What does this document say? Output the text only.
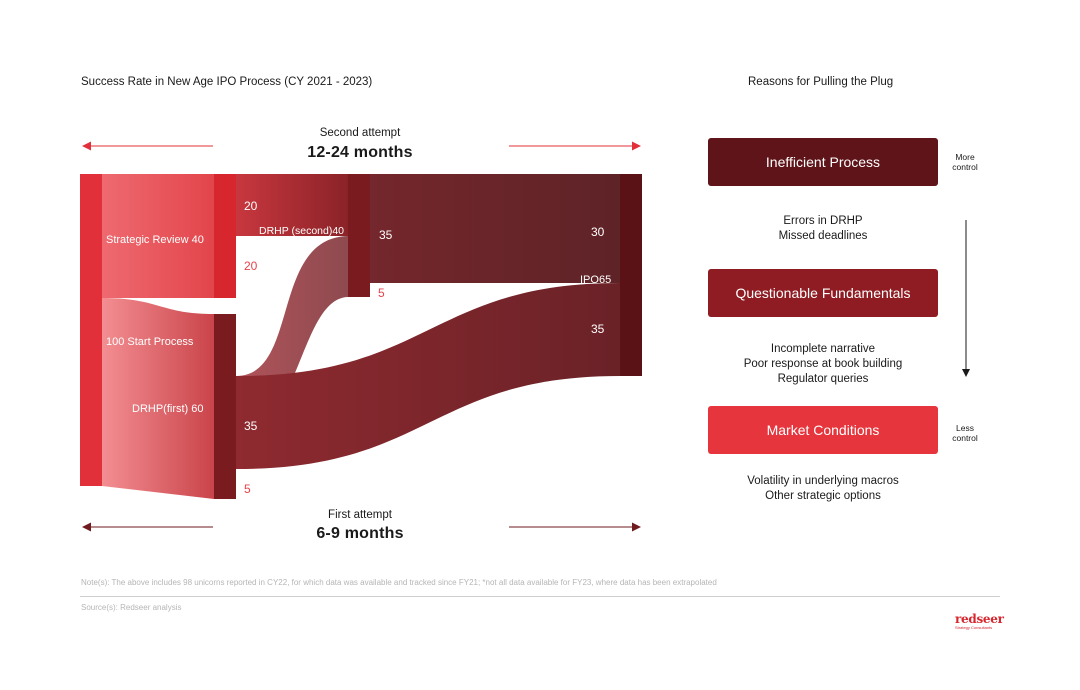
Success Rate in New Age IPO Process (CY 2021 - 2023)	Reasons for Pulling the Plug
Second attempt
12-24 months
First attempt
6-9 months
Strategic Review 40
100 Start Process
DRHP(first) 60
DRHP (second)40
IPO65
20
20
20
35
5
35
5
30
35
Inefficient Process	More
control
Errors in DRHP
Missed deadlines
Questionable Fundamentals
Incomplete narrative
Poor response at book building
Regulator queries
Market Conditions	Less
control
Volatility in underlying macros
Other strategic options
Note(s): The above includes 98 unicorns reported in CY22, for which data was available and tracked since FY21; *not all data available for FY23, where data has been extrapolated
Source(s): Redseer analysis
redseer
Strategy Consultants
